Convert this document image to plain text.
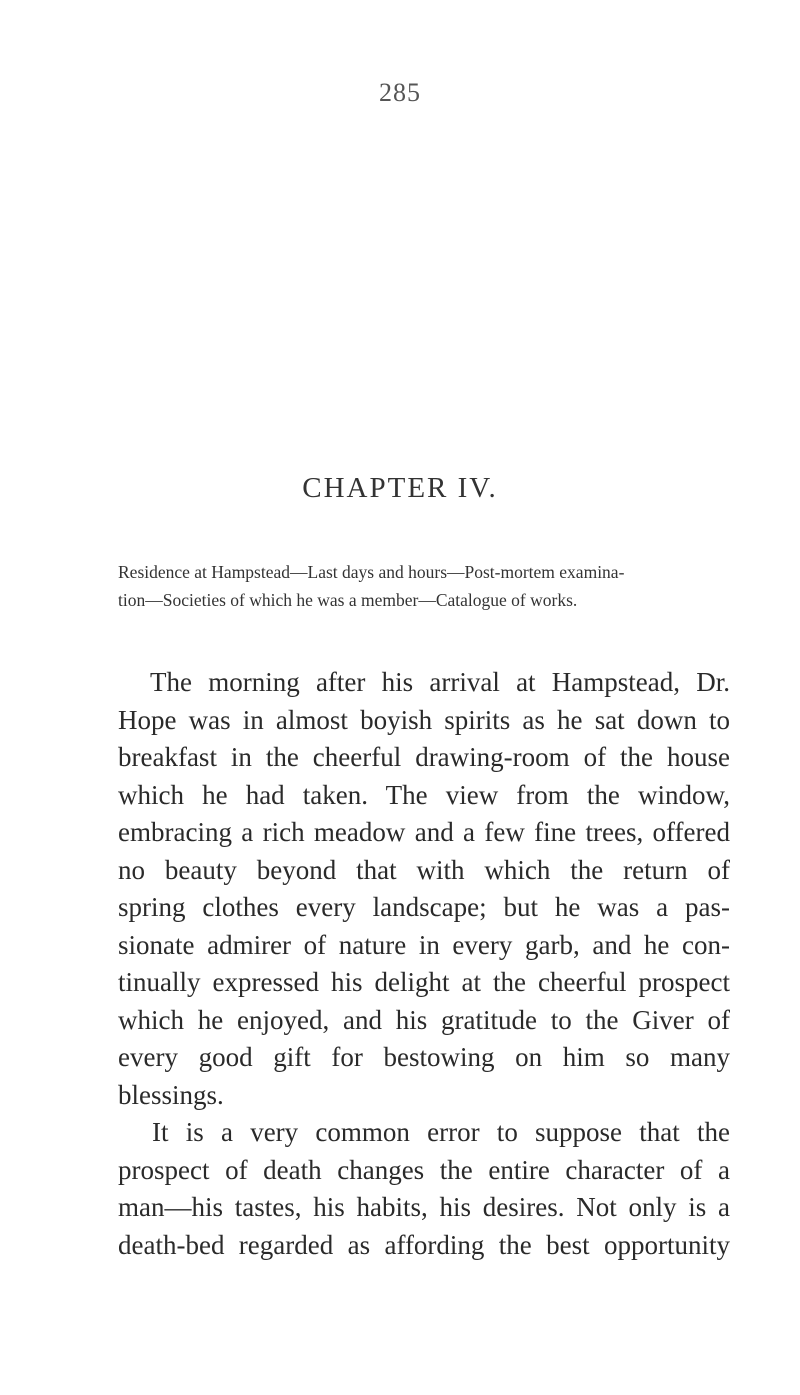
285
CHAPTER IV.
Residence at Hampstead—Last days and hours—Post-mortem examina-
tion—Societies of which he was a member—Catalogue of works.
The morning after his arrival at Hampstead, Dr.
Hope was in almost boyish spirits as he sat down to
breakfast in the cheerful drawing-room of the house
which he had taken. The view from the window,
embracing a rich meadow and a few fine trees, offered
no beauty beyond that with which the return of
spring clothes every landscape; but he was a pas-
sionate admirer of nature in every garb, and he con-
tinually expressed his delight at the cheerful prospect
which he enjoyed, and his gratitude to the Giver of
every good gift for bestowing on him so many
blessings.
It is a very common error to suppose that the
prospect of death changes the entire character of a
man—his tastes, his habits, his desires. Not only is a
death-bed regarded as affording the best opportunity
